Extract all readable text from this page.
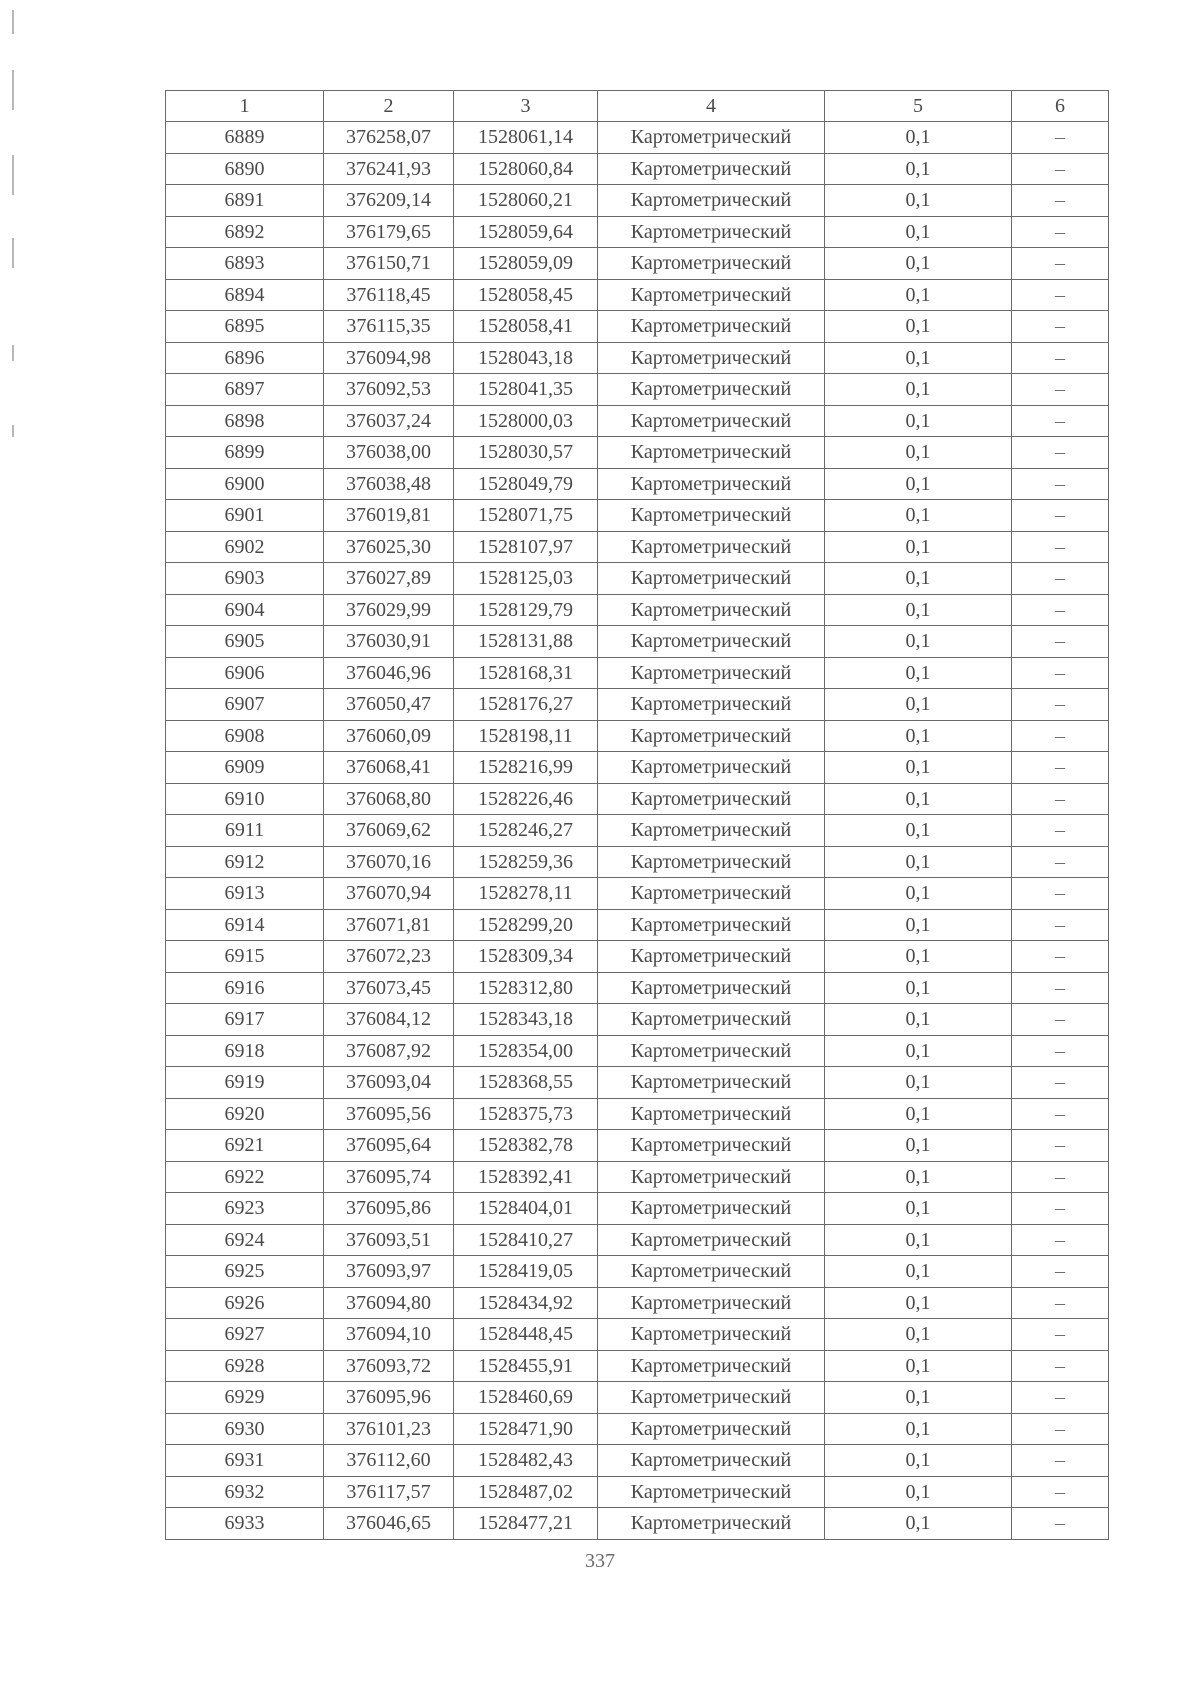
1	2	3	4	5	6
6889	376258,07	1528061,14	Картометрический	0,1	–
6890	376241,93	1528060,84	Картометрический	0,1	–
6891	376209,14	1528060,21	Картометрический	0,1	–
6892	376179,65	1528059,64	Картометрический	0,1	–
6893	376150,71	1528059,09	Картометрический	0,1	–
6894	376118,45	1528058,45	Картометрический	0,1	–
6895	376115,35	1528058,41	Картометрический	0,1	–
6896	376094,98	1528043,18	Картометрический	0,1	–
6897	376092,53	1528041,35	Картометрический	0,1	–
6898	376037,24	1528000,03	Картометрический	0,1	–
6899	376038,00	1528030,57	Картометрический	0,1	–
6900	376038,48	1528049,79	Картометрический	0,1	–
6901	376019,81	1528071,75	Картометрический	0,1	–
6902	376025,30	1528107,97	Картометрический	0,1	–
6903	376027,89	1528125,03	Картометрический	0,1	–
6904	376029,99	1528129,79	Картометрический	0,1	–
6905	376030,91	1528131,88	Картометрический	0,1	–
6906	376046,96	1528168,31	Картометрический	0,1	–
6907	376050,47	1528176,27	Картометрический	0,1	–
6908	376060,09	1528198,11	Картометрический	0,1	–
6909	376068,41	1528216,99	Картометрический	0,1	–
6910	376068,80	1528226,46	Картометрический	0,1	–
6911	376069,62	1528246,27	Картометрический	0,1	–
6912	376070,16	1528259,36	Картометрический	0,1	–
6913	376070,94	1528278,11	Картометрический	0,1	–
6914	376071,81	1528299,20	Картометрический	0,1	–
6915	376072,23	1528309,34	Картометрический	0,1	–
6916	376073,45	1528312,80	Картометрический	0,1	–
6917	376084,12	1528343,18	Картометрический	0,1	–
6918	376087,92	1528354,00	Картометрический	0,1	–
6919	376093,04	1528368,55	Картометрический	0,1	–
6920	376095,56	1528375,73	Картометрический	0,1	–
6921	376095,64	1528382,78	Картометрический	0,1	–
6922	376095,74	1528392,41	Картометрический	0,1	–
6923	376095,86	1528404,01	Картометрический	0,1	–
6924	376093,51	1528410,27	Картометрический	0,1	–
6925	376093,97	1528419,05	Картометрический	0,1	–
6926	376094,80	1528434,92	Картометрический	0,1	–
6927	376094,10	1528448,45	Картометрический	0,1	–
6928	376093,72	1528455,91	Картометрический	0,1	–
6929	376095,96	1528460,69	Картометрический	0,1	–
6930	376101,23	1528471,90	Картометрический	0,1	–
6931	376112,60	1528482,43	Картометрический	0,1	–
6932	376117,57	1528487,02	Картометрический	0,1	–
6933	376046,65	1528477,21	Картометрический	0,1	–
337
